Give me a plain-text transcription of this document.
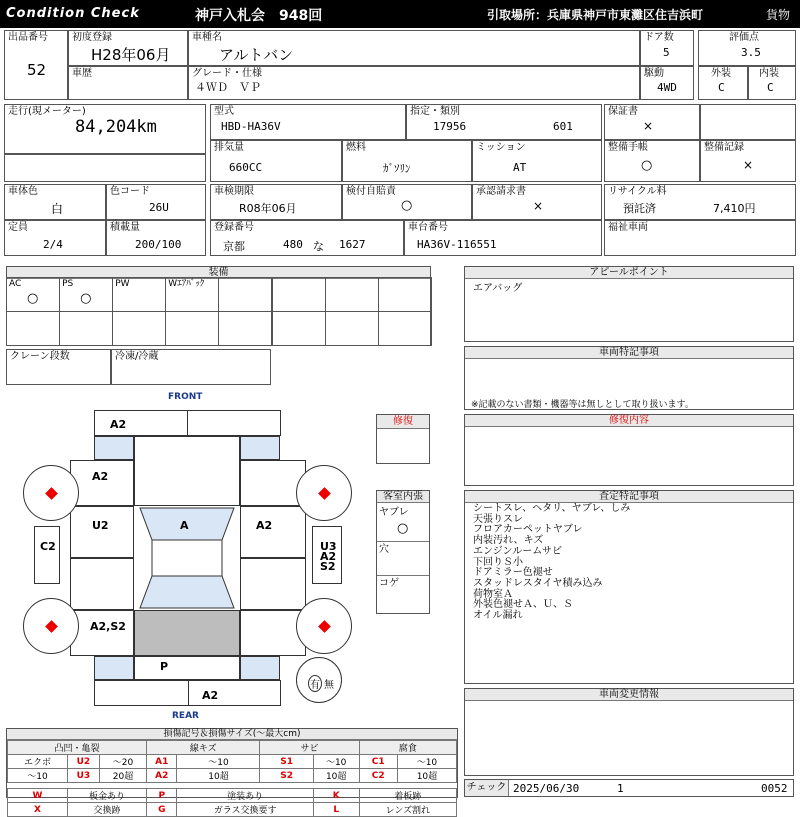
Condition Check	神戸入札会　948回	引取場所：兵庫県神戸市東灘区住吉浜町	貨物
出品番号
52
初度登録
H28年06月
車種名
アルトバン
ドア数
5
評価点
3.5
車歴	グレード・仕様
４ＷＤ　ＶＰ
駆動
4WD
外装
C
内装
C
走行(現メーター)
84,204km
型式
HBD-HA36V
指定・類別
17956	601
保証書
×
排気量
660CC
燃料
ｶﾞｿﾘﾝ
ミッション
AT
整備手帳
○
整備記録
×
車体色
白
色コード
26U
車検期限
R08年06月
検付自賠責
○
承認請求書
×
リサイクル料
預託済	7,410円
定員
2/4
積載量
200/100
登録番号
京都	480 な 1627
車台番号
HA36V-116551
福祉車両
装備
AC
○
PS
○
PW	Wｴｱﾊﾞｯｸ
クレーン段数	冷凍/冷蔵
アピールポイント
エアバッグ
車両特記事項
※記載のない書類・機器等は無しとして取り扱います。
修復内容
査定特記事項
シートスレ、ヘタリ、ヤブレ、しみ
天張りスレ
フロアカーペットヤブレ
内装汚れ、キズ
エンジンルームサビ
下回りＳ小
ドアミラー色褪せ
スタッドレスタイヤ積み込み
荷物室Ａ
外装色褪せＡ、Ｕ、Ｓ
オイル漏れ
車両変更情報
チェック 2025/06/30	1	0052
FRONT
REAR
A2
A2
U2	A2
A
A2,S2
P
A2
C2	U3
A2
S2
有 無
修復
客室内張
ヤブレ
○
穴
コゲ
損傷記号＆損傷サイズ(～最大cm)
凸凹・亀裂			線キズ		サビ		腐食	
エクボ	U2	～20	A1	～10	S1	～10	C1	～10
～10	U3	20超	A2	10超	S2	10超	C2	10超

W	板金あり		P	塗装あり		K	着板跡	
X	交換跡		G	ガラス交換要す		L	レンズ割れ	
